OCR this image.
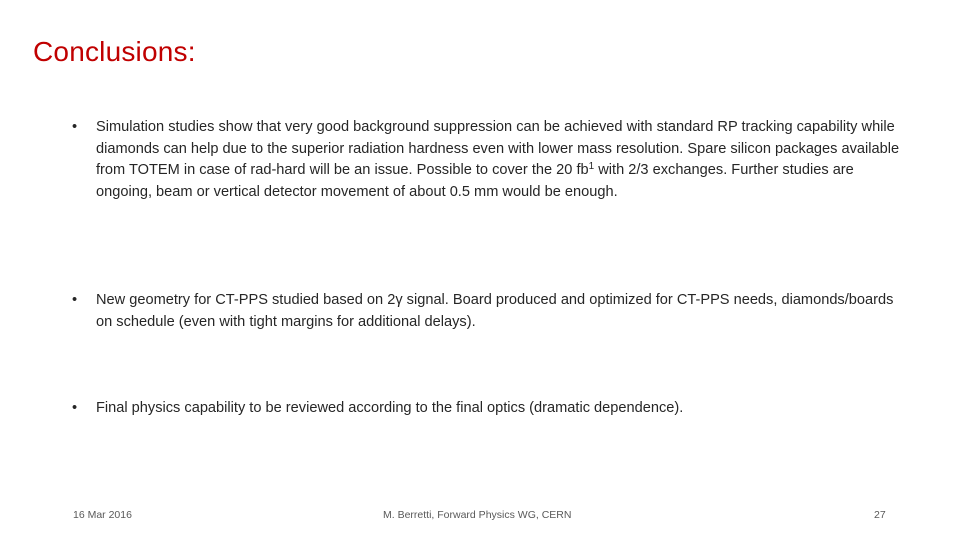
Conclusions:
•	Simulation studies show that very good background suppression can be achieved with standard RP tracking capability while diamonds can help due to the superior radiation hardness even with lower mass resolution. Spare silicon packages available from TOTEM in case of rad-hard will be an issue. Possible to cover the 20 $fb^1$ with 2/3 exchanges. Further studies are ongoing, beam or vertical detector movement of about 0.5 mm would be enough.
•	New geometry for CT-PPS studied based on 2γ signal. Board produced and optimized for CT-PPS needs, diamonds/boards on schedule (even with tight margins for additional delays).
•	Final physics capability to be reviewed according to the final optics (dramatic dependence).
16 Mar 2016	M. Berretti, Forward Physics WG, CERN	27
